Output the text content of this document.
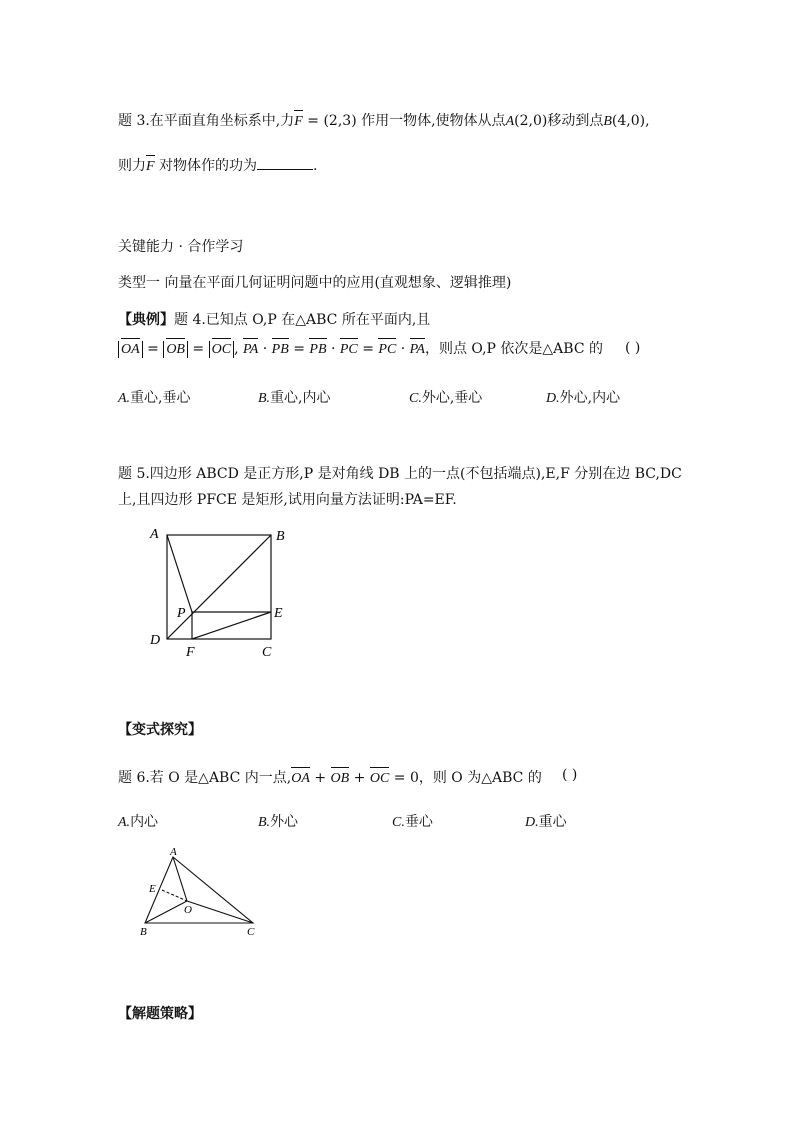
题 3.在平面直角坐标系中,力F = (2,3) 作用一物体,使物体从点A(2,0)移动到点B(4,0),
则力F 对物体作的功为	.
关键能力 · 合作学习
类型一 向量在平面几何证明问题中的应用(直观想象、逻辑推理)
【典例】题 4.已知点 O,P 在△ABC 所在平面内,且
OA = OB = OC , PA · PB = PB · PC = PC · PA，则点 O,P 依次是△ABC 的 ( )
A.重心,垂心	B.重心,内心	C.外心,垂心	D.外心,内心
题 5.四边形 ABCD 是正方形,P 是对角线 DB 上的一点(不包括端点),E,F 分别在边 BC,DC
上,且四边形 PFCE 是矩形,试用向量方法证明:PA=EF.
A	B
P	E
D
F	C
【变式探究】
题 6.若 O 是△ABC 内一点,OA + OB + OC = 0，则 O 为△ABC 的 ( )
A.内心	B.外心	C.垂心	D.重心
A
E
O
B	C
【解题策略】
